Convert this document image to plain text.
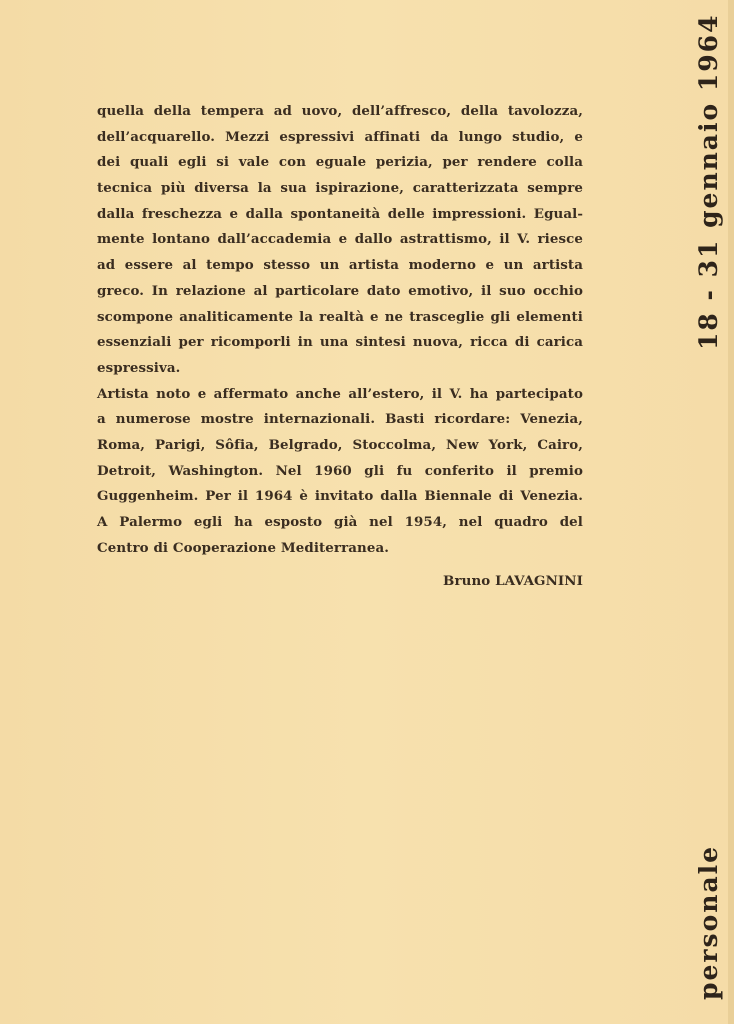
quella della tempera ad uovo, dell’affresco, della tavolozza,
dell’acquarello. Mezzi espressivi affinati da lungo studio, e
dei quali egli si vale con eguale perizia, per rendere colla
tecnica più diversa la sua ispirazione, caratterizzata sempre
dalla freschezza e dalla spontaneità delle impressioni. Egual-
mente lontano dall’accademia e dallo astrattismo, il V. riesce
ad essere al tempo stesso un artista moderno e un artista
greco. In relazione al particolare dato emotivo, il suo occhio
scompone analiticamente la realtà e ne trasceglie gli elementi
essenziali per ricomporli in una sintesi nuova, ricca di carica
espressiva.
Artista noto e affermato anche all’estero, il V. ha partecipato
a numerose mostre internazionali. Basti ricordare: Venezia,
Roma, Parigi, Sôfia, Belgrado, Stoccolma, New York, Cairo,
Detroit, Washington. Nel 1960 gli fu conferito il premio
Guggenheim. Per il 1964 è invitato dalla Biennale di Venezia.
A Palermo egli ha esposto già nel 1954, nel quadro del
Centro di Cooperazione Mediterranea.
Bruno LAVAGNINI
18 - 31 gennaio 1964
personale
